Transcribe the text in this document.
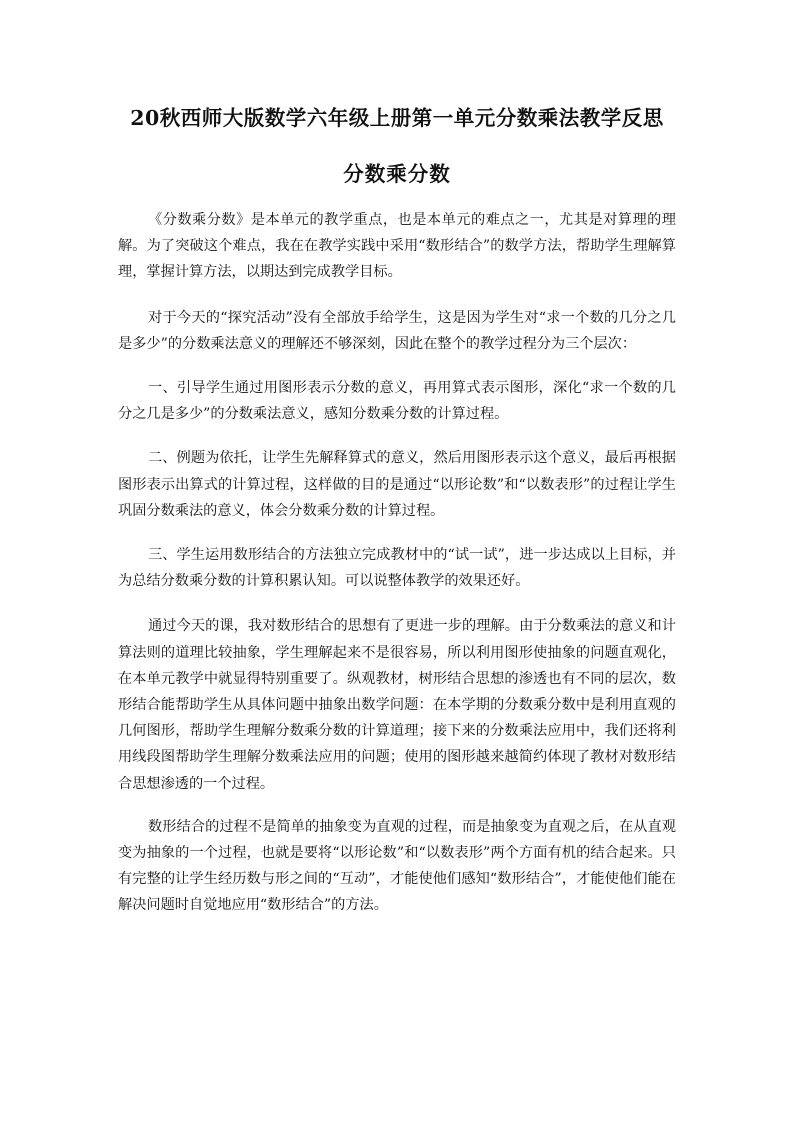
20秋西师大版数学六年级上册第一单元分数乘法教学反思
分数乘分数

《分数乘分数》是本单元的教学重点，也是本单元的难点之一，尤其是对算理的理解。为了突破这个难点，我在在教学实践中采用“数形结合”的数学方法，帮助学生理解算理，掌握计算方法，以期达到完成教学目标。

对于今天的“探究活动”没有全部放手给学生，这是因为学生对“求一个数的几分之几是多少”的分数乘法意义的理解还不够深刻，因此在整个的教学过程分为三个层次：

一、引导学生通过用图形表示分数的意义，再用算式表示图形，深化“求一个数的几分之几是多少”的分数乘法意义，感知分数乘分数的计算过程。

二、例题为依托，让学生先解释算式的意义，然后用图形表示这个意义，最后再根据图形表示出算式的计算过程，这样做的目的是通过“以形论数”和“以数表形”的过程让学生巩固分数乘法的意义，体会分数乘分数的计算过程。

三、学生运用数形结合的方法独立完成教材中的“试一试”，进一步达成以上目标，并为总结分数乘分数的计算积累认知。可以说整体教学的效果还好。

通过今天的课，我对数形结合的思想有了更进一步的理解。由于分数乘法的意义和计算法则的道理比较抽象，学生理解起来不是很容易，所以利用图形使抽象的问题直观化，在本单元教学中就显得特别重要了。纵观教材，树形结合思想的渗透也有不同的层次，数形结合能帮助学生从具体问题中抽象出数学问题：在本学期的分数乘分数中是利用直观的几何图形，帮助学生理解分数乘分数的计算道理；接下来的分数乘法应用中，我们还将利用线段图帮助学生理解分数乘法应用的问题；使用的图形越来越简约体现了教材对数形结合思想渗透的一个过程。

数形结合的过程不是简单的抽象变为直观的过程，而是抽象变为直观之后，在从直观变为抽象的一个过程，也就是要将“以形论数”和“以数表形”两个方面有机的结合起来。只有完整的让学生经历数与形之间的“互动”，才能使他们感知“数形结合”，才能使他们能在解决问题时自觉地应用“数形结合”的方法。
